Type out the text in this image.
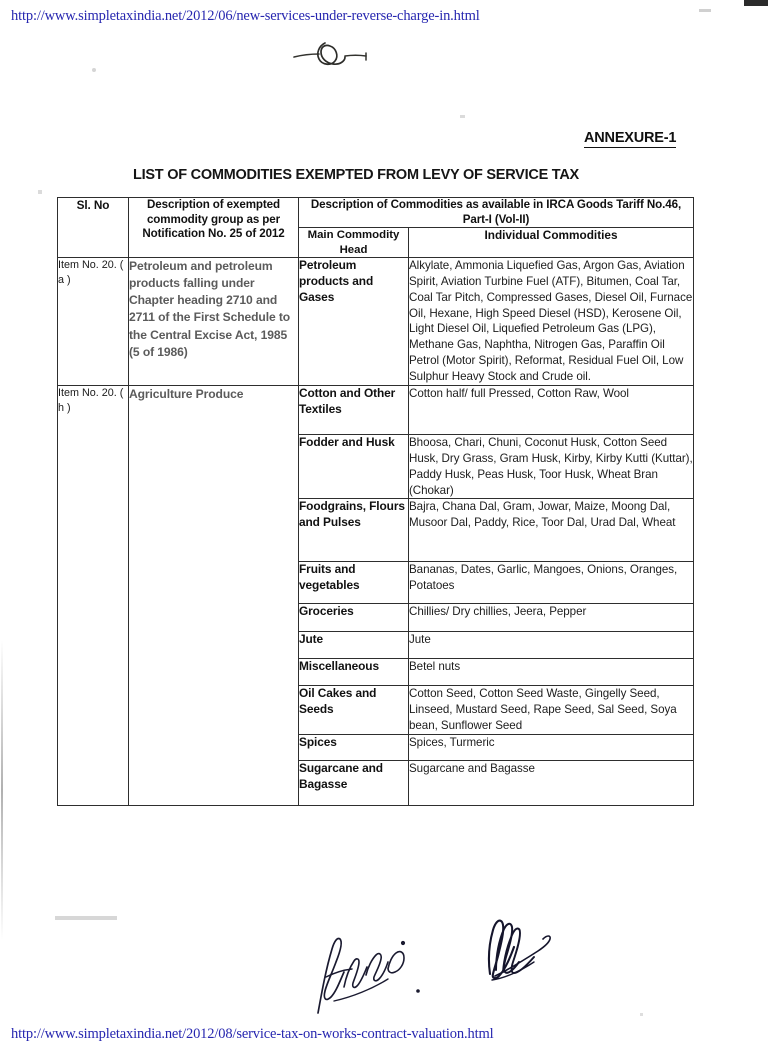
http://www.simpletaxindia.net/2012/06/new-services-under-reverse-charge-in.html
ANNEXURE-1
LIST OF COMMODITIES EXEMPTED FROM LEVY OF SERVICE TAX
Sl. No	Description of exempted commodity group as per Notification No. 25 of 2012	Description of Commodities as available in IRCA Goods Tariff No.46, Part-I (Vol-II)	
		Main Commodity Head	Individual Commodities
Item No. 20. ( a )	Petroleum and petroleum products falling under Chapter heading 2710 and 2711 of the First Schedule to the Central Excise Act, 1985 (5 of 1986)	Petroleum products and Gases	Alkylate, Ammonia Liquefied Gas, Argon Gas, Aviation Spirit, Aviation Turbine Fuel (ATF), Bitumen, Coal Tar, Coal Tar Pitch, Compressed Gases, Diesel Oil, Furnace Oil, Hexane, High Speed Diesel (HSD), Kerosene Oil, Light Diesel Oil, Liquefied Petroleum Gas (LPG), Methane Gas, Naphtha, Nitrogen Gas, Paraffin Oil Petrol (Motor Spirit), Reformat, Residual Fuel Oil, Low Sulphur Heavy Stock and Crude oil.
Item No. 20. ( h )	Agriculture Produce	Cotton and Other Textiles	Cotton half/ full Pressed, Cotton Raw, Wool
		Fodder and Husk	Bhoosa, Chari, Chuni, Coconut Husk, Cotton Seed Husk, Dry Grass, Gram Husk, Kirby, Kirby Kutti (Kuttar), Paddy Husk, Peas Husk, Toor Husk, Wheat Bran (Chokar)
		Foodgrains, Flours and Pulses	Bajra, Chana Dal, Gram, Jowar, Maize, Moong Dal, Musoor Dal, Paddy, Rice, Toor Dal, Urad Dal, Wheat
		Fruits and vegetables	Bananas, Dates, Garlic, Mangoes, Onions, Oranges, Potatoes
		Groceries	Chillies/ Dry chillies, Jeera, Pepper
		Jute	Jute
		Miscellaneous	Betel nuts
		Oil Cakes and Seeds	Cotton Seed, Cotton Seed Waste, Gingelly Seed, Linseed, Mustard Seed, Rape Seed, Sal Seed, Soya bean, Sunflower Seed
		Spices	Spices, Turmeric
		Sugarcane and Bagasse	Sugarcane and Bagasse
http://www.simpletaxindia.net/2012/08/service-tax-on-works-contract-valuation.html
